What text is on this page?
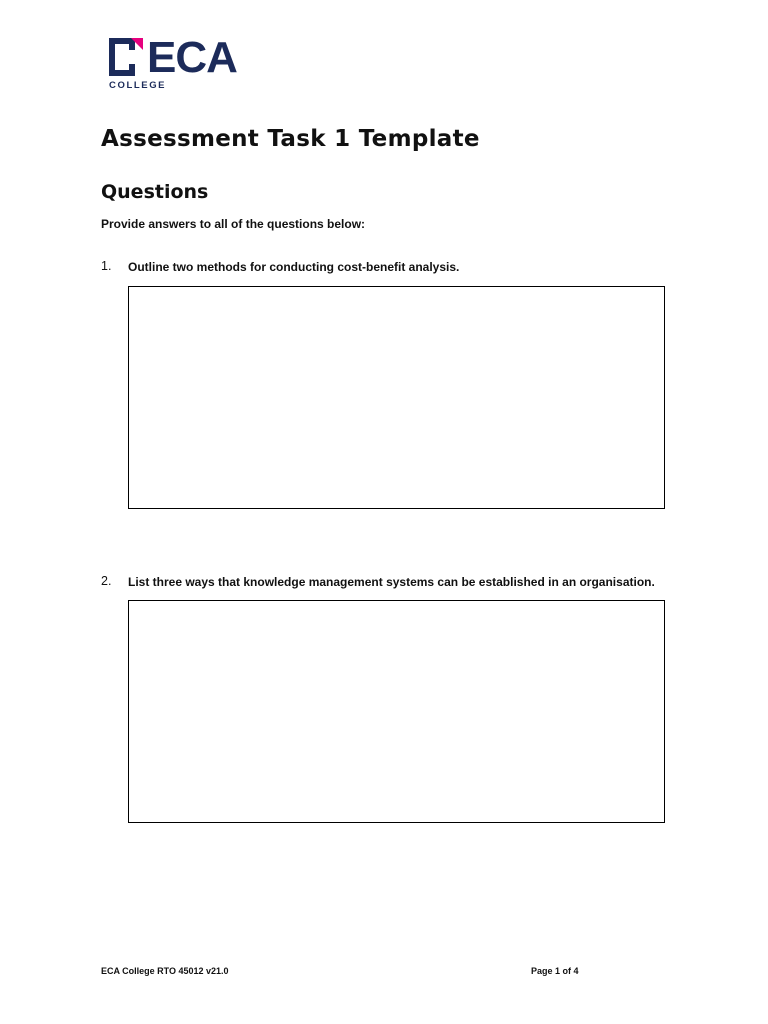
ECA
COLLEGE
Assessment Task 1 Template
Questions
Provide answers to all of the questions below:
1. Outline two methods for conducting cost-benefit analysis.
2. List three ways that knowledge management systems can be established in an organisation.
ECA College RTO 45012 v21.0	Page 1 of 4
